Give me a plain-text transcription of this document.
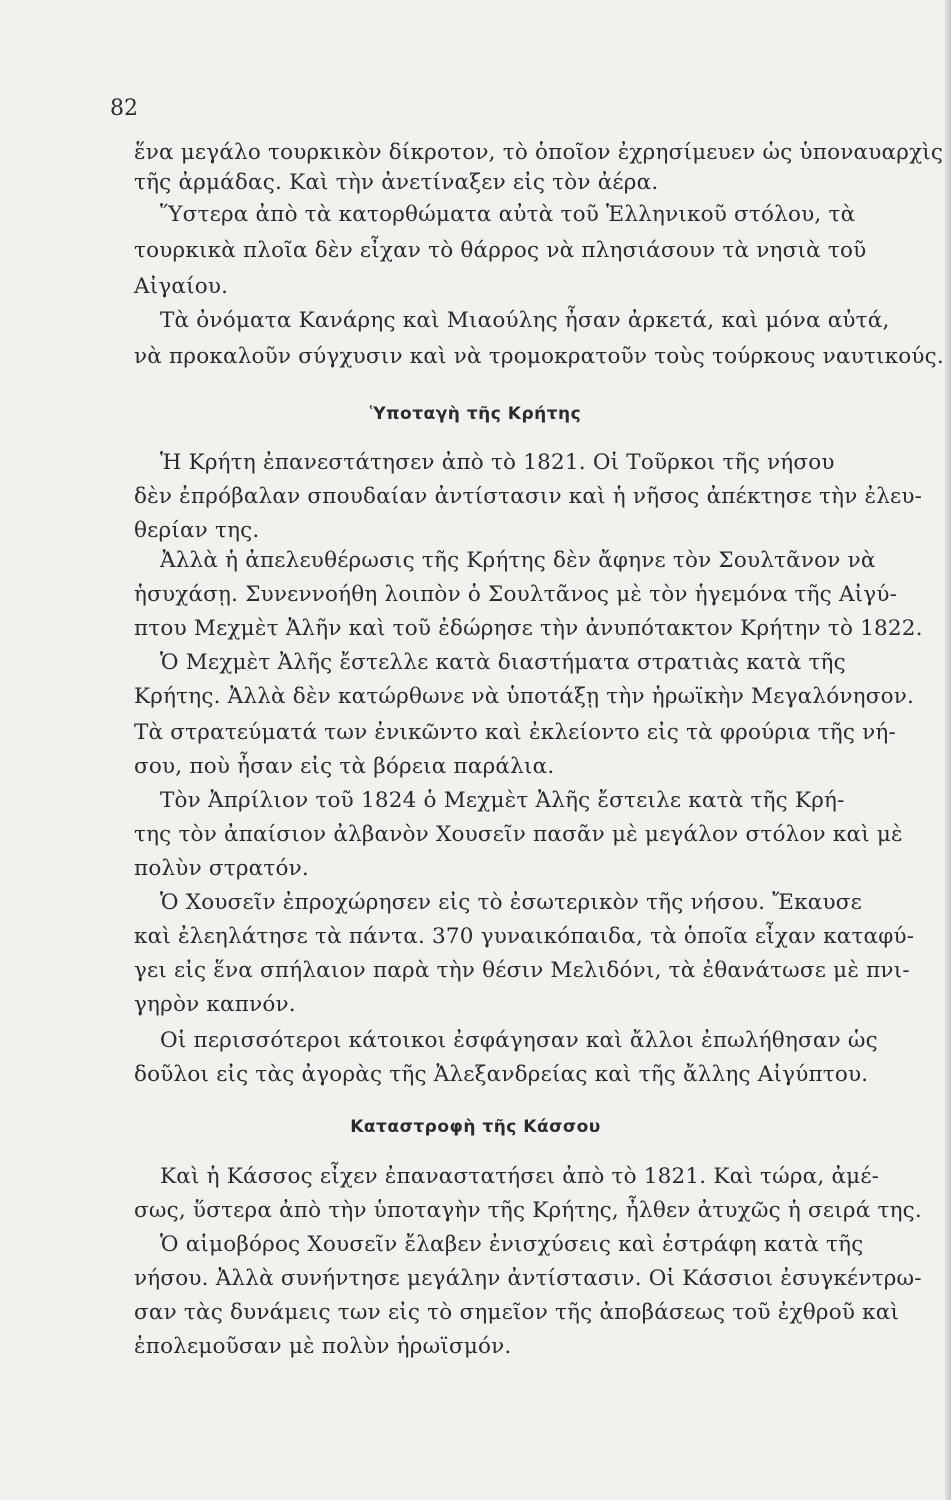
82
ἕνα μεγάλο τουρκικὸν δίκροτον, τὸ ὁποῖον ἐχρησίμευεν ὡς ὑποναυαρχὶς
τῆς ἀρμάδας. Καὶ τὴν ἀνετίναξεν εἰς τὸν ἀέρα.
Ὕστερα ἀπὸ τὰ κατορθώματα αὐτὰ τοῦ Ἑλληνικοῦ στόλου, τὰ
τουρκικὰ πλοῖα δὲν εἶχαν τὸ θάρρος νὰ πλησιάσουν τὰ νησιὰ τοῦ
Αἰγαίου.
Τὰ ὀνόματα Κανάρης καὶ Μιαούλης ἦσαν ἀρκετά, καὶ μόνα αὐτά,
νὰ προκαλοῦν σύγχυσιν καὶ νὰ τρομοκρατοῦν τοὺς τούρκους ναυτικούς.
Ὑποταγὴ τῆς Κρήτης
Ἡ Κρήτη ἐπανεστάτησεν ἀπὸ τὸ 1821. Οἱ Τοῦρκοι τῆς νήσου
δὲν ἐπρόβαλαν σπουδαίαν ἀντίστασιν καὶ ἡ νῆσος ἀπέκτησε τὴν ἐλευ-
θερίαν της.
Ἀλλὰ ἡ ἀπελευθέρωσις τῆς Κρήτης δὲν ἄφηνε τὸν Σουλτᾶνον νὰ
ἡσυχάσῃ. Συνεννοήθη λοιπὸν ὁ Σουλτᾶνος μὲ τὸν ἡγεμόνα τῆς Αἰγύ-
πτου Μεχμὲτ Ἀλῆν καὶ τοῦ ἐδώρησε τὴν ἀνυπότακτον Κρήτην τὸ 1822.
Ὁ Μεχμὲτ Ἀλῆς ἔστελλε κατὰ διαστήματα στρατιὰς κατὰ τῆς
Κρήτης. Ἀλλὰ δὲν κατώρθωνε νὰ ὑποτάξῃ τὴν ἡρωϊκὴν Μεγαλόνησον.
Τὰ στρατεύματά των ἐνικῶντο καὶ ἐκλείοντο εἰς τὰ φρούρια τῆς νή-
σου, ποὺ ἦσαν εἰς τὰ βόρεια παράλια.
Τὸν Ἀπρίλιον τοῦ 1824 ὁ Μεχμὲτ Ἀλῆς ἔστειλε κατὰ τῆς Κρή-
της τὸν ἀπαίσιον ἀλβανὸν Χουσεῖν πασᾶν μὲ μεγάλον στόλον καὶ μὲ
πολὺν στρατόν.
Ὁ Χουσεῖν ἐπροχώρησεν εἰς τὸ ἐσωτερικὸν τῆς νήσου. Ἔκαυσε
καὶ ἐλεηλάτησε τὰ πάντα. 370 γυναικόπαιδα, τὰ ὁποῖα εἶχαν καταφύ-
γει εἰς ἕνα σπήλαιον παρὰ τὴν θέσιν Μελιδόνι, τὰ ἐθανάτωσε μὲ πνι-
γηρὸν καπνόν.
Οἱ περισσότεροι κάτοικοι ἐσφάγησαν καὶ ἄλλοι ἐπωλήθησαν ὡς
δοῦλοι εἰς τὰς ἀγορὰς τῆς Ἀλεξανδρείας καὶ τῆς ἄλλης Αἰγύπτου.
Καταστροφὴ τῆς Κάσσου
Καὶ ἡ Κάσσος εἶχεν ἐπαναστατήσει ἀπὸ τὸ 1821. Καὶ τώρα, ἀμέ-
σως, ὕστερα ἀπὸ τὴν ὑποταγὴν τῆς Κρήτης, ἦλθεν ἀτυχῶς ἡ σειρά της.
Ὁ αἱμοβόρος Χουσεῖν ἔλαβεν ἐνισχύσεις καὶ ἐστράφη κατὰ τῆς
νήσου. Ἀλλὰ συνήντησε μεγάλην ἀντίστασιν. Οἱ Κάσσιοι ἐσυγκέντρω-
σαν τὰς δυνάμεις των εἰς τὸ σημεῖον τῆς ἀποβάσεως τοῦ ἐχθροῦ καὶ
ἐπολεμοῦσαν μὲ πολὺν ἡρωϊσμόν.
